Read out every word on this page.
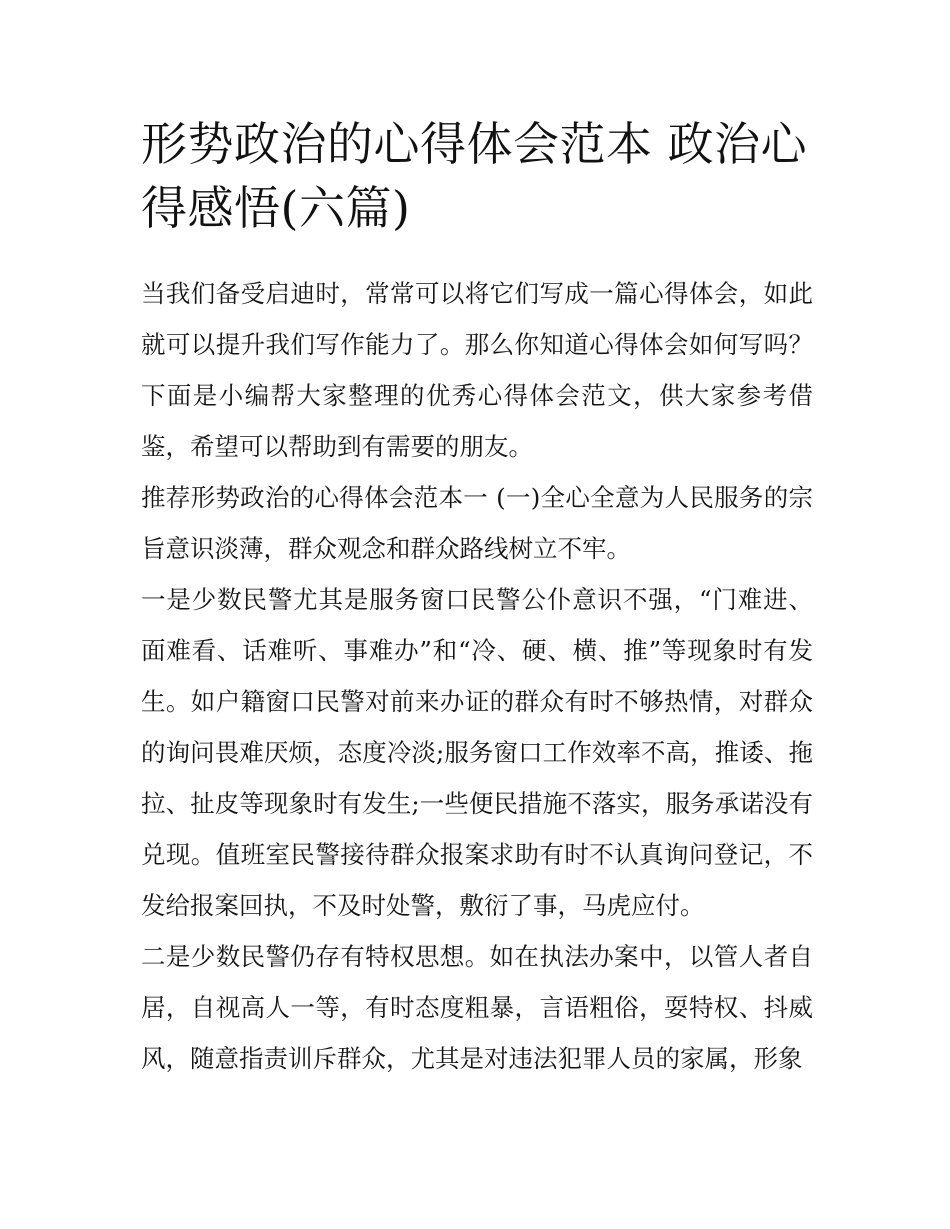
形势政治的心得体会范本 政治心得感悟(六篇)

当我们备受启迪时，常常可以将它们写成一篇心得体会，如此就可以提升我们写作能力了。那么你知道心得体会如何写吗？下面是小编帮大家整理的优秀心得体会范文，供大家参考借鉴，希望可以帮助到有需要的朋友。

推荐形势政治的心得体会范本一 (一)全心全意为人民服务的宗旨意识淡薄，群众观念和群众路线树立不牢。

一是少数民警尤其是服务窗口民警公仆意识不强，“门难进、面难看、话难听、事难办”和“冷、硬、横、推”等现象时有发生。如户籍窗口民警对前来办证的群众有时不够热情，对群众的询问畏难厌烦，态度冷淡;服务窗口工作效率不高，推诿、拖拉、扯皮等现象时有发生;一些便民措施不落实，服务承诺没有兑现。值班室民警接待群众报案求助有时不认真询问登记，不发给报案回执，不及时处警，敷衍了事，马虎应付。

二是少数民警仍存有特权思想。如在执法办案中，以管人者自居，自视高人一等，有时态度粗暴，言语粗俗，耍特权、抖威风，随意指责训斥群众，尤其是对违法犯罪人员的家属，形象
